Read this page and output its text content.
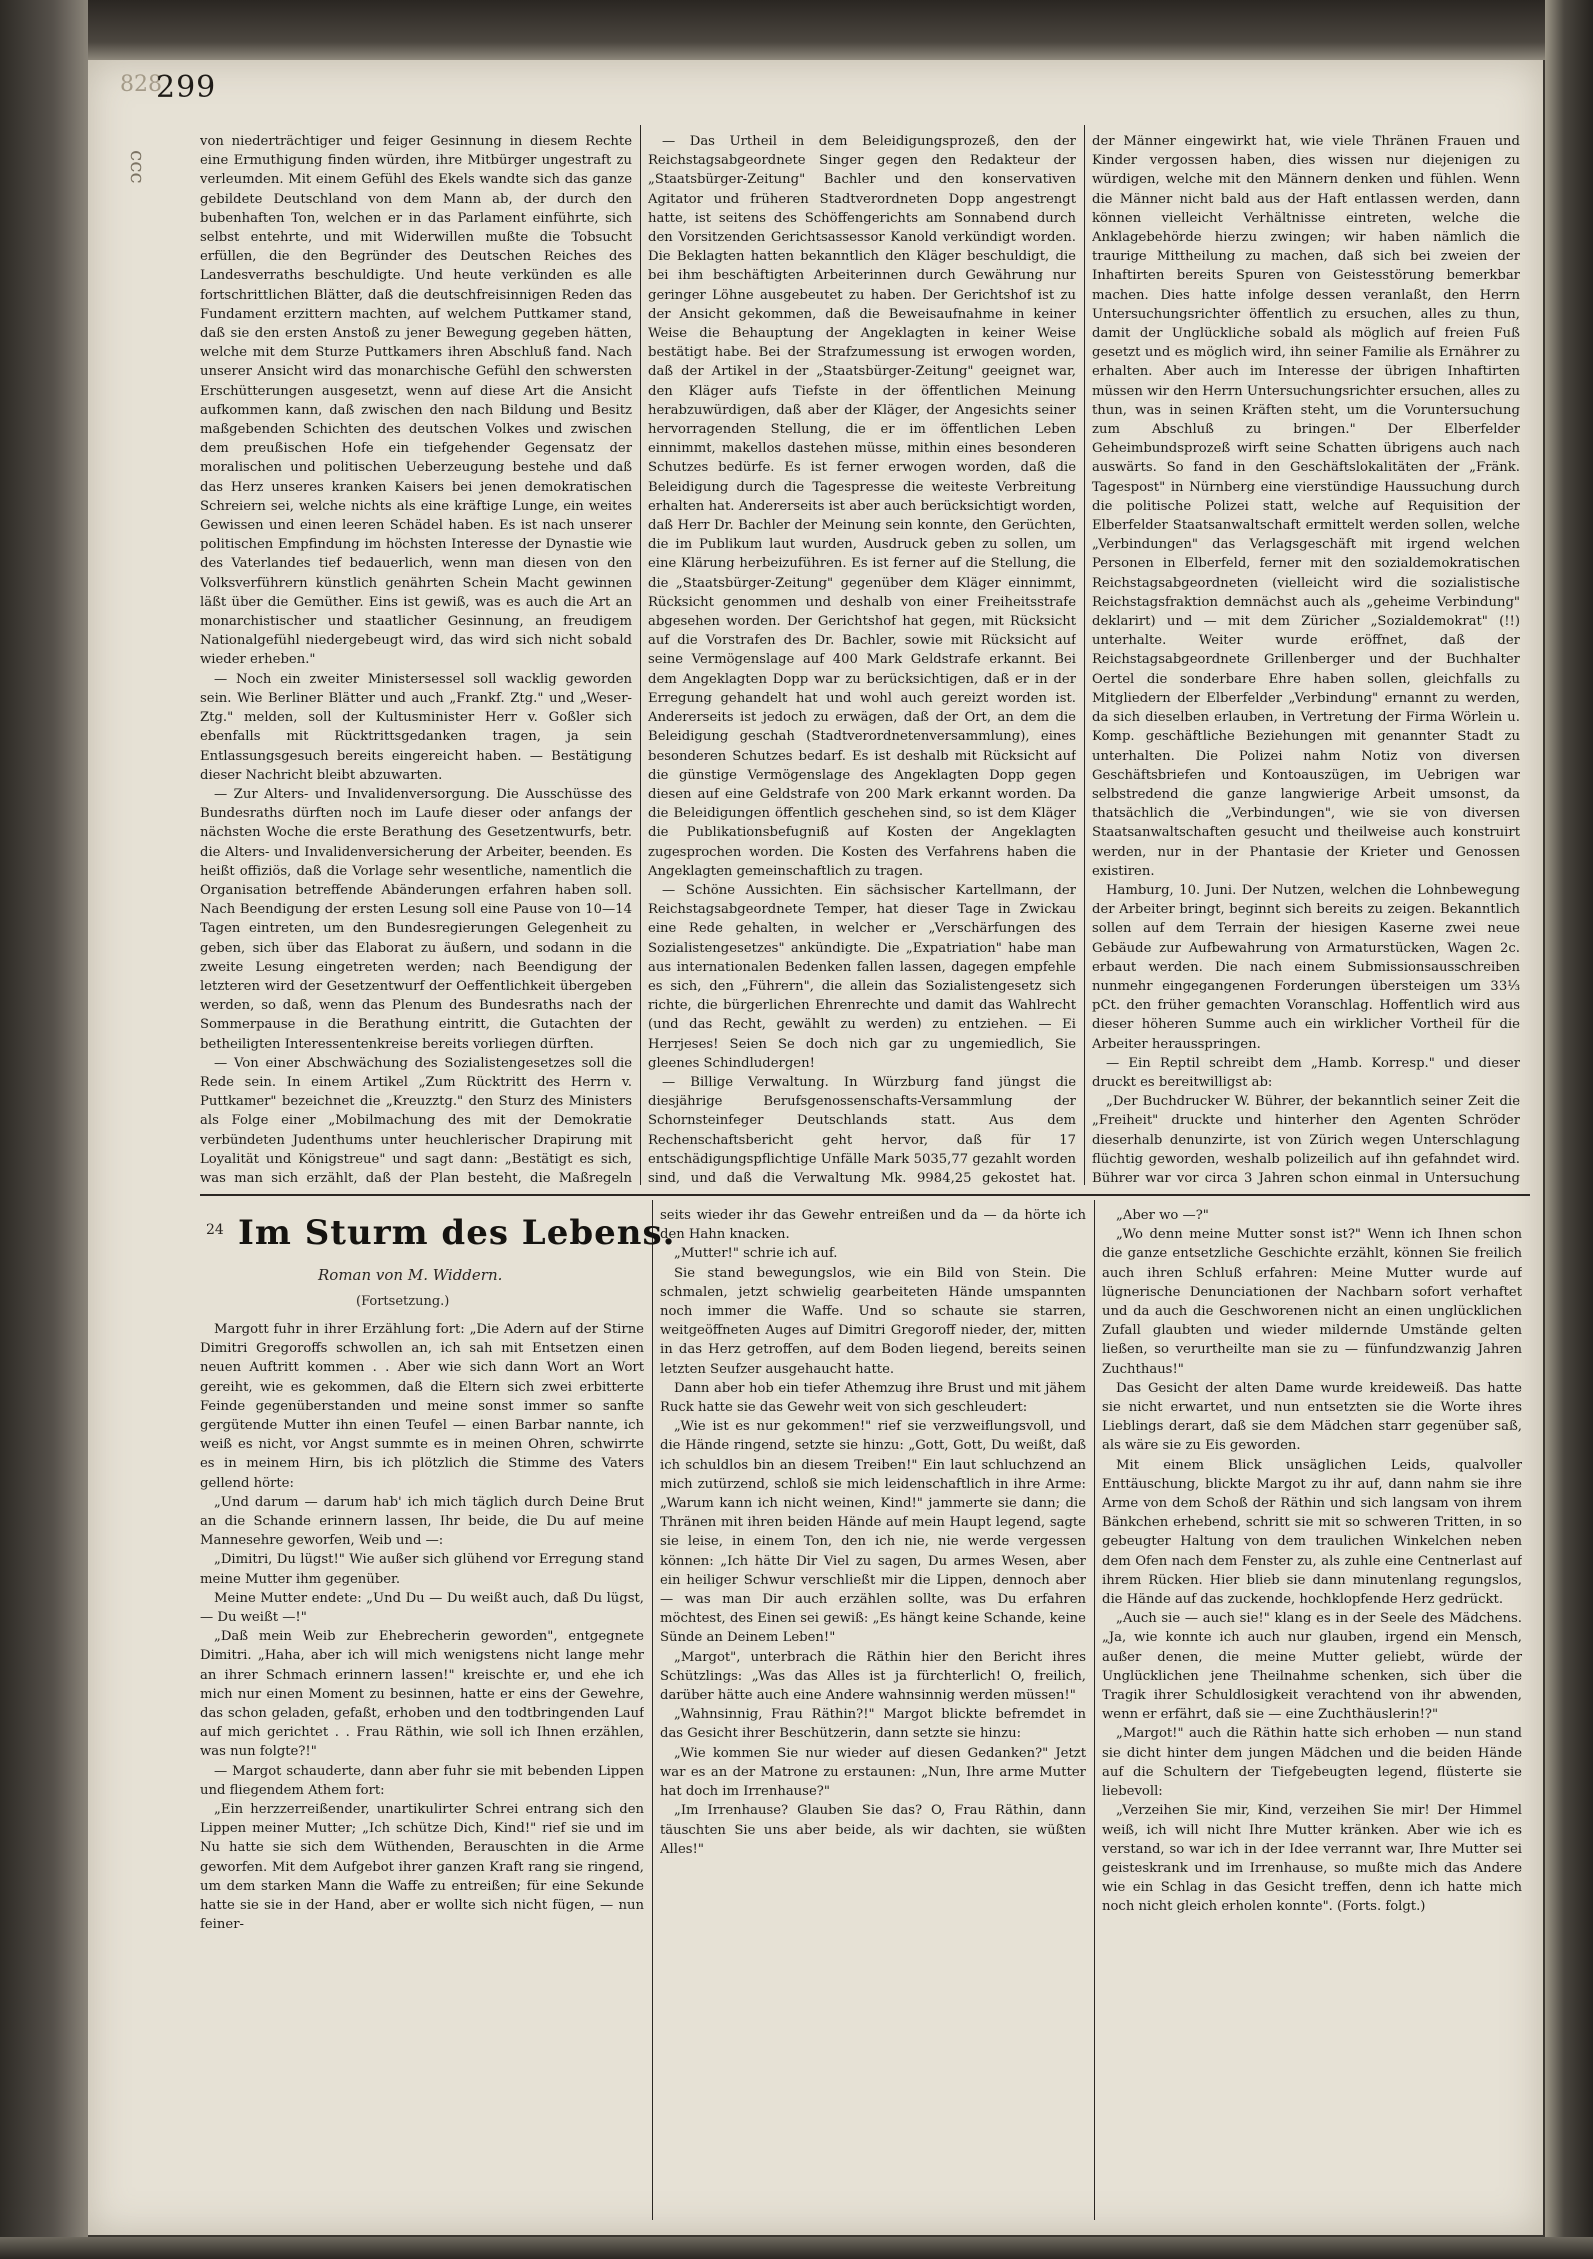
828
299
ccc

von niederträchtiger und feiger Gesinnung in diesem Rechte eine Ermuthigung finden würden, ihre Mitbürger ungestraft zu verleumden. Mit einem Gefühl des Ekels wandte sich das ganze gebildete Deutschland von dem Mann ab, der durch den bubenhaften Ton, welchen er in das Parlament einführte, sich selbst entehrte, und mit Widerwillen mußte die Tobsucht erfüllen, die den Begründer des Deutschen Reiches des Landesverraths beschuldigte. Und heute verkünden es alle fortschrittlichen Blätter, daß die deutschfreisinnigen Reden das Fundament erzittern machten, auf welchem Puttkamer stand, daß sie den ersten Anstoß zu jener Bewegung gegeben hätten, welche mit dem Sturze Puttkamers ihren Abschluß fand. Nach unserer Ansicht wird das monarchische Gefühl den schwersten Erschütterungen ausgesetzt, wenn auf diese Art die Ansicht aufkommen kann, daß zwischen den nach Bildung und Besitz maßgebenden Schichten des deutschen Volkes und zwischen dem preußischen Hofe ein tiefgehender Gegensatz der moralischen und politischen Ueberzeugung bestehe und daß das Herz unseres kranken Kaisers bei jenen demokratischen Schreiern sei, welche nichts als eine kräftige Lunge, ein weites Gewissen und einen leeren Schädel haben. Es ist nach unserer politischen Empfindung im höchsten Interesse der Dynastie wie des Vaterlandes tief bedauerlich, wenn man diesen von den Volksverführern künstlich genährten Schein Macht gewinnen läßt über die Gemüther. Eins ist gewiß, was es auch die Art an monarchistischer und staatlicher Gesinnung, an freudigem Nationalgefühl niedergebeugt wird, das wird sich nicht sobald wieder erheben."

— Noch ein zweiter Ministersessel soll wacklig geworden sein. Wie Berliner Blätter und auch „Frankf. Ztg." und „Weser-Ztg." melden, soll der Kultusminister Herr v. Goßler sich ebenfalls mit Rücktrittsgedanken tragen, ja sein Entlassungsgesuch bereits eingereicht haben. — Bestätigung dieser Nachricht bleibt abzuwarten.

— Zur Alters- und Invalidenversorgung. Die Ausschüsse des Bundesraths dürften noch im Laufe dieser oder anfangs der nächsten Woche die erste Berathung des Gesetzentwurfs, betr. die Alters- und Invalidenversicherung der Arbeiter, beenden. Es heißt offiziös, daß die Vorlage sehr wesentliche, namentlich die Organisation betreffende Abänderungen erfahren haben soll. Nach Beendigung der ersten Lesung soll eine Pause von 10—14 Tagen eintreten, um den Bundesregierungen Gelegenheit zu geben, sich über das Elaborat zu äußern, und sodann in die zweite Lesung eingetreten werden; nach Beendigung der letzteren wird der Gesetzentwurf der Oeffentlichkeit übergeben werden, so daß, wenn das Plenum des Bundesraths nach der Sommerpause in die Berathung eintritt, die Gutachten der betheiligten Interessentenkreise bereits vorliegen dürften.

— Von einer Abschwächung des Sozialistengesetzes soll die Rede sein. In einem Artikel „Zum Rücktritt des Herrn v. Puttkamer" bezeichnet die „Kreuzztg." den Sturz des Ministers als Folge einer „Mobilmachung des mit der Demokratie verbündeten Judenthums unter heuchlerischer Drapirung mit Loyalität und Königstreue" und sagt dann: „Bestätigt es sich, was man sich erzählt, daß der Plan besteht, die Maßregeln

— Das Urtheil in dem Beleidigungsprozeß, den der Reichstagsabgeordnete Singer gegen den Redakteur der „Staatsbürger-Zeitung" Bachler und den konservativen Agitator und früheren Stadtverordneten Dopp angestrengt hatte, ist seitens des Schöffengerichts am Sonnabend durch den Vorsitzenden Gerichtsassessor Kanold verkündigt worden. Die Beklagten hatten bekanntlich den Kläger beschuldigt, die bei ihm beschäftigten Arbeiterinnen durch Gewährung nur geringer Löhne ausgebeutet zu haben. Der Gerichtshof ist zu der Ansicht gekommen, daß die Beweisaufnahme in keiner Weise die Behauptung der Angeklagten in keiner Weise bestätigt habe. Bei der Strafzumessung ist erwogen worden, daß der Artikel in der „Staatsbürger-Zeitung" geeignet war, den Kläger aufs Tiefste in der öffentlichen Meinung herabzuwürdigen, daß aber der Kläger, der Angesichts seiner hervorragenden Stellung, die er im öffentlichen Leben einnimmt, makellos dastehen müsse, mithin eines besonderen Schutzes bedürfe. Es ist ferner erwogen worden, daß die Beleidigung durch die Tagespresse die weiteste Verbreitung erhalten hat. Andererseits ist aber auch berücksichtigt worden, daß Herr Dr. Bachler der Meinung sein konnte, den Gerüchten, die im Publikum laut wurden, Ausdruck geben zu sollen, um eine Klärung herbeizuführen. Es ist ferner auf die Stellung, die die „Staatsbürger-Zeitung" gegenüber dem Kläger einnimmt, Rücksicht genommen und deshalb von einer Freiheitsstrafe abgesehen worden. Der Gerichtshof hat gegen, mit Rücksicht auf die Vorstrafen des Dr. Bachler, sowie mit Rücksicht auf seine Vermögenslage auf 400 Mark Geldstrafe erkannt. Bei dem Angeklagten Dopp war zu berücksichtigen, daß er in der Erregung gehandelt hat und wohl auch gereizt worden ist. Andererseits ist jedoch zu erwägen, daß der Ort, an dem die Beleidigung geschah (Stadtverordnetenversammlung), eines besonderen Schutzes bedarf. Es ist deshalb mit Rücksicht auf die günstige Vermögenslage des Angeklagten Dopp gegen diesen auf eine Geldstrafe von 200 Mark erkannt worden. Da die Beleidigungen öffentlich geschehen sind, so ist dem Kläger die Publikationsbefugniß auf Kosten der Angeklagten zugesprochen worden. Die Kosten des Verfahrens haben die Angeklagten gemeinschaftlich zu tragen.

— Schöne Aussichten. Ein sächsischer Kartellmann, der Reichstagsabgeordnete Temper, hat dieser Tage in Zwickau eine Rede gehalten, in welcher er „Verschärfungen des Sozialistengesetzes" ankündigte. Die „Expatriation" habe man aus internationalen Bedenken fallen lassen, dagegen empfehle es sich, den „Führern", die allein das Sozialistengesetz sich richte, die bürgerlichen Ehrenrechte und damit das Wahlrecht (und das Recht, gewählt zu werden) zu entziehen. — Ei Herrjeses! Seien Se doch nich gar zu ungemiedlich, Sie gleenes Schindludergen!

— Billige Verwaltung. In Würzburg fand jüngst die diesjährige Berufsgenossenschafts-Versammlung der Schornsteinfeger Deutschlands statt. Aus dem Rechenschaftsbericht geht hervor, daß für 17 entschädigungspflichtige Unfälle Mark 5035,77 gezahlt worden sind, und daß die Verwaltung Mk. 9984,25 gekostet hat.

der Männer eingewirkt hat, wie viele Thränen Frauen und Kinder vergossen haben, dies wissen nur diejenigen zu würdigen, welche mit den Männern denken und fühlen. Wenn die Männer nicht bald aus der Haft entlassen werden, dann können vielleicht Verhältnisse eintreten, welche die Anklagebehörde hierzu zwingen; wir haben nämlich die traurige Mittheilung zu machen, daß sich bei zweien der Inhaftirten bereits Spuren von Geistesstörung bemerkbar machen. Dies hatte infolge dessen veranlaßt, den Herrn Untersuchungsrichter öffentlich zu ersuchen, alles zu thun, damit der Unglückliche sobald als möglich auf freien Fuß gesetzt und es möglich wird, ihn seiner Familie als Ernährer zu erhalten. Aber auch im Interesse der übrigen Inhaftirten müssen wir den Herrn Untersuchungsrichter ersuchen, alles zu thun, was in seinen Kräften steht, um die Voruntersuchung zum Abschluß zu bringen." Der Elberfelder Geheimbundsprozeß wirft seine Schatten übrigens auch nach auswärts. So fand in den Geschäftslokalitäten der „Fränk. Tagespost" in Nürnberg eine vierstündige Haussuchung durch die politische Polizei statt, welche auf Requisition der Elberfelder Staatsanwaltschaft ermittelt werden sollen, welche „Verbindungen" das Verlagsgeschäft mit irgend welchen Personen in Elberfeld, ferner mit den sozialdemokratischen Reichstagsabgeordneten (vielleicht wird die sozialistische Reichstagsfraktion demnächst auch als „geheime Verbindung" deklarirt) und — mit dem Züricher „Sozialdemokrat" (!!) unterhalte. Weiter wurde eröffnet, daß der Reichstagsabgeordnete Grillenberger und der Buchhalter Oertel die sonderbare Ehre haben sollen, gleichfalls zu Mitgliedern der Elberfelder „Verbindung" ernannt zu werden, da sich dieselben erlauben, in Vertretung der Firma Wörlein u. Komp. geschäftliche Beziehungen mit genannter Stadt zu unterhalten. Die Polizei nahm Notiz von diversen Geschäftsbriefen und Kontoauszügen, im Uebrigen war selbstredend die ganze langwierige Arbeit umsonst, da thatsächlich die „Verbindungen", wie sie von diversen Staatsanwaltschaften gesucht und theilweise auch konstruirt werden, nur in der Phantasie der Krieter und Genossen existiren.

Hamburg, 10. Juni. Der Nutzen, welchen die Lohnbewegung der Arbeiter bringt, beginnt sich bereits zu zeigen. Bekanntlich sollen auf dem Terrain der hiesigen Kaserne zwei neue Gebäude zur Aufbewahrung von Armaturstücken, Wagen 2c. erbaut werden. Die nach einem Submissionsausschreiben nunmehr eingegangenen Forderungen übersteigen um 33⅓ pCt. den früher gemachten Voranschlag. Hoffentlich wird aus dieser höheren Summe auch ein wirklicher Vortheil für die Arbeiter herausspringen.

— Ein Reptil schreibt dem „Hamb. Korresp." und dieser druckt es bereitwilligst ab:

„Der Buchdrucker W. Bührer, der bekanntlich seiner Zeit die „Freiheit" druckte und hinterher den Agenten Schröder dieserhalb denunzirte, ist von Zürich wegen Unterschlagung flüchtig geworden, weshalb polizeilich auf ihn gefahndet wird. Bührer war vor circa 3 Jahren schon einmal in Untersuchung

24 Im Sturm des Lebens.
Roman von M. Widdern.
(Fortsetzung.)

Margott fuhr in ihrer Erzählung fort: „Die Adern auf der Stirne Dimitri Gregoroffs schwollen an, ich sah mit Entsetzen einen neuen Auftritt kommen . . Aber wie sich dann Wort an Wort gereiht, wie es gekommen, daß die Eltern sich zwei erbitterte Feinde gegenüberstanden und meine sonst immer so sanfte gergütende Mutter ihn einen Teufel — einen Barbar nannte, ich weiß es nicht, vor Angst summte es in meinen Ohren, schwirrte es in meinem Hirn, bis ich plötzlich die Stimme des Vaters gellend hörte:

„Und darum — darum hab' ich mich täglich durch Deine Brut an die Schande erinnern lassen, Ihr beide, die Du auf meine Mannesehre geworfen, Weib und —:

„Dimitri, Du lügst!" Wie außer sich glühend vor Erregung stand meine Mutter ihm gegenüber.

Meine Mutter endete: „Und Du — Du weißt auch, daß Du lügst, — Du weißt —!"

„Daß mein Weib zur Ehebrecherin geworden", entgegnete Dimitri. „Haha, aber ich will mich wenigstens nicht lange mehr an ihrer Schmach erinnern lassen!" kreischte er, und ehe ich mich nur einen Moment zu besinnen, hatte er eins der Gewehre, das schon geladen, gefaßt, erhoben und den todtbringenden Lauf auf mich gerichtet . . Frau Räthin, wie soll ich Ihnen erzählen, was nun folgte?!"

— Margot schauderte, dann aber fuhr sie mit bebenden Lippen und fliegendem Athem fort:

„Ein herzzerreißender, unartikulirter Schrei entrang sich den Lippen meiner Mutter; „Ich schütze Dich, Kind!" rief sie und im Nu hatte sie sich dem Wüthenden, Berauschten in die Arme geworfen. Mit dem Aufgebot ihrer ganzen Kraft rang sie ringend, um dem starken Mann die Waffe zu entreißen; für eine Sekunde hatte sie sie in der Hand, aber er wollte sich nicht fügen, — nun feiner-

seits wieder ihr das Gewehr entreißen und da — da hörte ich den Hahn knacken.

„Mutter!" schrie ich auf.

Sie stand bewegungslos, wie ein Bild von Stein. Die schmalen, jetzt schwielig gearbeiteten Hände umspannten noch immer die Waffe. Und so schaute sie starren, weitgeöffneten Auges auf Dimitri Gregoroff nieder, der, mitten in das Herz getroffen, auf dem Boden liegend, bereits seinen letzten Seufzer ausgehaucht hatte.

Dann aber hob ein tiefer Athemzug ihre Brust und mit jähem Ruck hatte sie das Gewehr weit von sich geschleudert:

„Wie ist es nur gekommen!" rief sie verzweiflungsvoll, und die Hände ringend, setzte sie hinzu: „Gott, Gott, Du weißt, daß ich schuldlos bin an diesem Treiben!" Ein laut schluchzend an mich zutürzend, schloß sie mich leidenschaftlich in ihre Arme: „Warum kann ich nicht weinen, Kind!" jammerte sie dann; die Thränen mit ihren beiden Hände auf mein Haupt legend, sagte sie leise, in einem Ton, den ich nie, nie werde vergessen können: „Ich hätte Dir Viel zu sagen, Du armes Wesen, aber ein heiliger Schwur verschließt mir die Lippen, dennoch aber — was man Dir auch erzählen sollte, was Du erfahren möchtest, des Einen sei gewiß: „Es hängt keine Schande, keine Sünde an Deinem Leben!"

„Margot", unterbrach die Räthin hier den Bericht ihres Schützlings: „Was das Alles ist ja fürchterlich! O, freilich, darüber hätte auch eine Andere wahnsinnig werden müssen!"

„Wahnsinnig, Frau Räthin?!" Margot blickte befremdet in das Gesicht ihrer Beschützerin, dann setzte sie hinzu:

„Wie kommen Sie nur wieder auf diesen Gedanken?" Jetzt war es an der Matrone zu erstaunen: „Nun, Ihre arme Mutter hat doch im Irrenhause?"

„Im Irrenhause? Glauben Sie das? O, Frau Räthin, dann täuschten Sie uns aber beide, als wir dachten, sie wüßten Alles!"

„Aber wo —?"

„Wo denn meine Mutter sonst ist?" Wenn ich Ihnen schon die ganze entsetzliche Geschichte erzählt, können Sie freilich auch ihren Schluß erfahren: Meine Mutter wurde auf lügnerische Denunciationen der Nachbarn sofort verhaftet und da auch die Geschworenen nicht an einen unglücklichen Zufall glaubten und wieder mildernde Umstände gelten ließen, so verurtheilte man sie zu — fünfundzwanzig Jahren Zuchthaus!"

Das Gesicht der alten Dame wurde kreideweiß. Das hatte sie nicht erwartet, und nun entsetzten sie die Worte ihres Lieblings derart, daß sie dem Mädchen starr gegenüber saß, als wäre sie zu Eis geworden.

Mit einem Blick unsäglichen Leids, qualvoller Enttäuschung, blickte Margot zu ihr auf, dann nahm sie ihre Arme von dem Schoß der Räthin und sich langsam von ihrem Bänkchen erhebend, schritt sie mit so schweren Tritten, in so gebeugter Haltung von dem traulichen Winkelchen neben dem Ofen nach dem Fenster zu, als zuhle eine Centnerlast auf ihrem Rücken. Hier blieb sie dann minutenlang regungslos, die Hände auf das zuckende, hochklopfende Herz gedrückt.

„Auch sie — auch sie!" klang es in der Seele des Mädchens. „Ja, wie konnte ich auch nur glauben, irgend ein Mensch, außer denen, die meine Mutter geliebt, würde der Unglücklichen jene Theilnahme schenken, sich über die Tragik ihrer Schuldlosigkeit verachtend von ihr abwenden, wenn er erfährt, daß sie — eine Zuchthäuslerin!?"

„Margot!" auch die Räthin hatte sich erhoben — nun stand sie dicht hinter dem jungen Mädchen und die beiden Hände auf die Schultern der Tiefgebeugten legend, flüsterte sie liebevoll:

„Verzeihen Sie mir, Kind, verzeihen Sie mir! Der Himmel weiß, ich will nicht Ihre Mutter kränken. Aber wie ich es verstand, so war ich in der Idee verrannt war, Ihre Mutter sei geisteskrank und im Irrenhause, so mußte mich das Andere wie ein Schlag in das Gesicht treffen, denn ich hatte mich noch nicht gleich erholen konnte". (Forts. folgt.)
